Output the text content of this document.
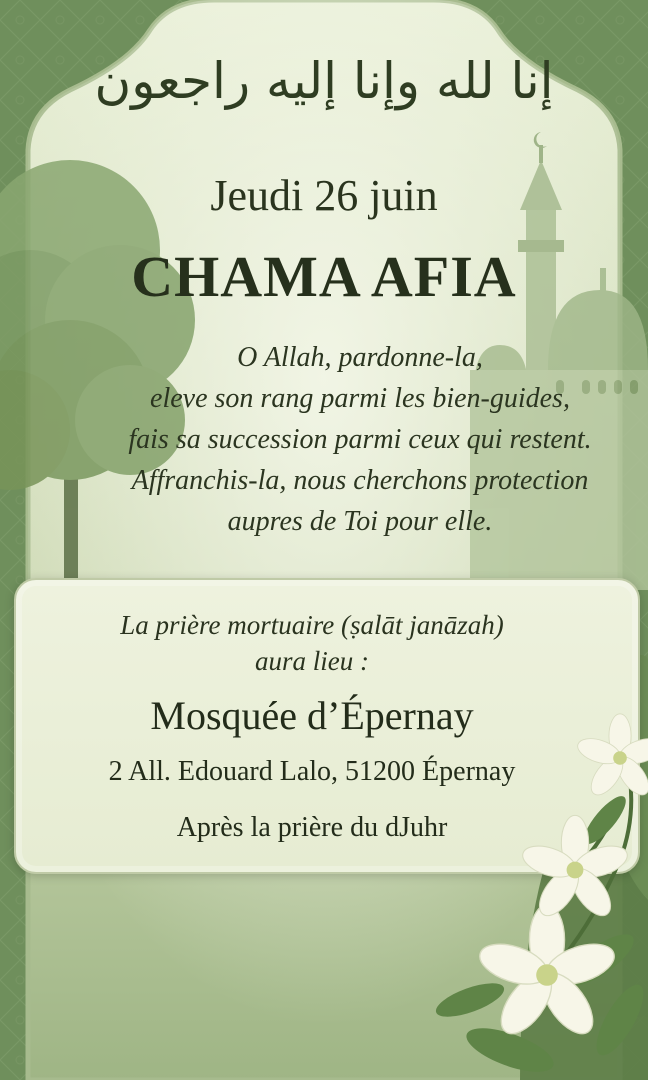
إنا لله وإنا إليه راجعون
Jeudi 26 juin
CHAMA AFIA
O Allah, pardonne-la,
eleve son rang parmi les bien-guides,
fais sa succession parmi ceux qui restent.
Affranchis-la, nous cherchons protection
aupres de Toi pour elle.
La prière mortuaire (ṣalāt janāzah)
aura lieu :
Mosquée d’Épernay
2 All. Edouard Lalo, 51200 Épernay
Après la prière du dJuhr
